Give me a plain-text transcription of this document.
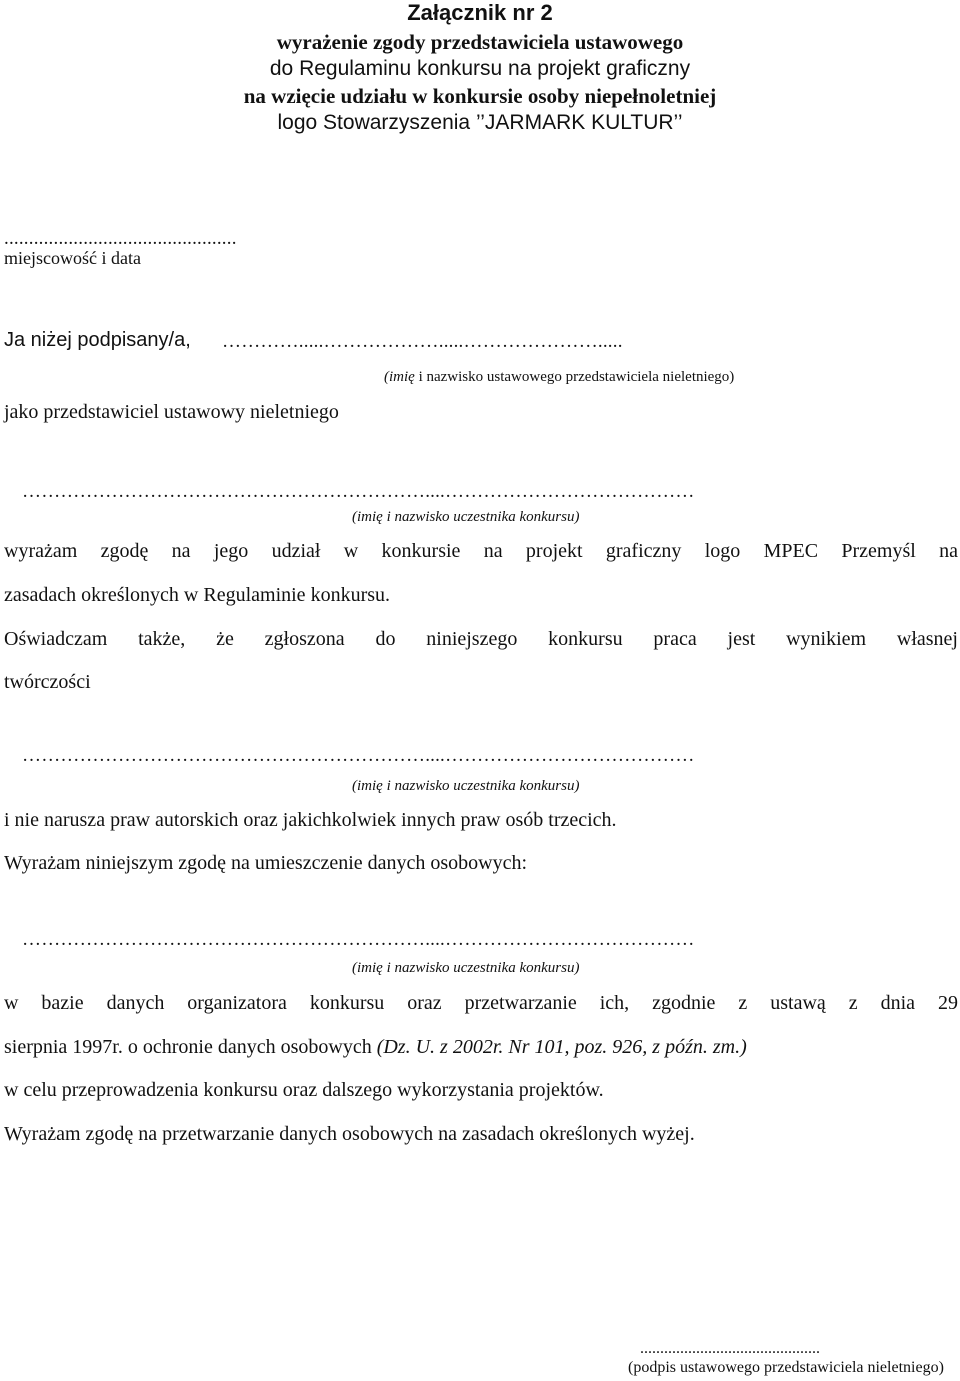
Załącznik nr 2
wyrażenie zgody przedstawiciela ustawowego
do Regulaminu konkursu na projekt graficzny
na wzięcie udziału w konkursie osoby niepełnoletniej
logo Stowarzyszenia ’’JARMARK KULTUR’’
...............................................
miejscowość i data
Ja niżej podpisany/a, ………….....……………….....………………….....
(imię i nazwisko ustawowego przedstawiciela nieletniego)
jako przedstawiciel ustawowy nieletniego
………………………………………………………....…………………………………
(imię i nazwisko uczestnika konkursu)
wyrażam zgodę na jego udział w konkursie na projekt graficzny logo MPEC Przemyśl na
zasadach określonych w Regulaminie konkursu.
Oświadczam także, że zgłoszona do niniejszego konkursu praca jest wynikiem własnej
twórczości
………………………………………………………....…………………………………
(imię i nazwisko uczestnika konkursu)
i nie narusza praw autorskich oraz jakichkolwiek innych praw osób trzecich.
Wyrażam niniejszym zgodę na umieszczenie danych osobowych:
………………………………………………………....…………………………………
(imię i nazwisko uczestnika konkursu)
w bazie danych organizatora konkursu oraz przetwarzanie ich, zgodnie z ustawą z dnia 29
sierpnia 1997r. o ochronie danych osobowych (Dz. U. z 2002r. Nr 101, poz. 926, z późn. zm.)
w celu przeprowadzenia konkursu oraz dalszego wykorzystania projektów.
Wyrażam zgodę na przetwarzanie danych osobowych na zasadach określonych wyżej.
.............................................
(podpis ustawowego przedstawiciela nieletniego)
